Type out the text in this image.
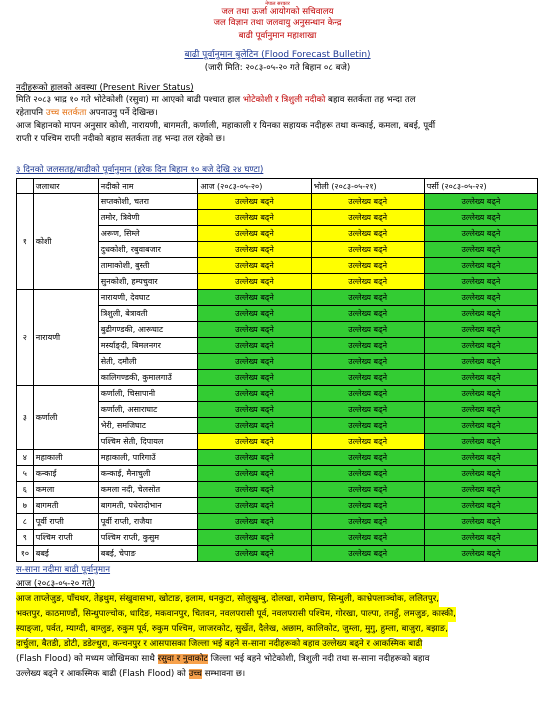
नेपाल सरकार
जल तथा ऊर्जा आयोगको सचिवालय
जल विज्ञान तथा जलवायु अनुसन्धान केन्द्र
बाढी पूर्वानुमान महाशाखा
बाढी पूर्वानुमान बुलेटिन (Flood Forecast Bulletin)
(जारी मिति: २०८३-०५-२० गते बिहान ०८ बजे)
नदीहरूको हालको अवस्था (Present River Status)
मिति २०८३ भाद्र १० गते भोटेकोशी (रसुवा) मा आएको बाढी पश्चात हाल भोटेकोशी र त्रिशुली नदीको बहाव सतर्कता तह भन्दा तल
रहेतापनि उच्च सतर्कता अपनाउनु पर्ने देखिन्छ।
आज बिहानको मापन अनुसार कोशी, नारायणी, बागमती, कर्णाली, महाकाली र यिनका सहायक नदीहरू तथा कन्काई, कमला, बबई, पूर्वी
राप्ती र पश्चिम राप्ती नदीको बहाव सतर्कता तह भन्दा तल रहेको छ।
३ दिनको जलसतह/बाढीको पूर्वानुमान (हरेक दिन बिहान १० बजे देखि २४ घण्टा)
	जलाधार	नदीको नाम	आज (२०८३-०५-२०)	भोली (२०८३-०५-२१)	पर्सी (२०८३-०५-२२)
१	कोशी	सप्तकोशी, चतरा	उल्लेख्य बढ्ने	उल्लेख्य बढ्ने	उल्लेख्य बढ्ने
		तमोर, त्रिवेणी	उल्लेख्य बढ्ने	उल्लेख्य बढ्ने	उल्लेख्य बढ्ने
		अरूण, सिम्ले	उल्लेख्य बढ्ने	उल्लेख्य बढ्ने	उल्लेख्य बढ्ने
		दुधकोशी, रबुवाबजार	उल्लेख्य बढ्ने	उल्लेख्य बढ्ने	उल्लेख्य बढ्ने
		तामाकोशी, बुस्ती	उल्लेख्य बढ्ने	उल्लेख्य बढ्ने	उल्लेख्य बढ्ने
		सुनकोशी, हम्पचुवार	उल्लेख्य बढ्ने	उल्लेख्य बढ्ने	उल्लेख्य बढ्ने
२	नारायणी	नारायणी, देवघाट	उल्लेख्य बढ्ने	उल्लेख्य बढ्ने	उल्लेख्य बढ्ने
		त्रिशुली, बेत्रावती	उल्लेख्य बढ्ने	उल्लेख्य बढ्ने	उल्लेख्य बढ्ने
		बुढीगण्डकी, आरूघाट	उल्लेख्य बढ्ने	उल्लेख्य बढ्ने	उल्लेख्य बढ्ने
		मर्स्याङ्दी, बिमलनगर	उल्लेख्य बढ्ने	उल्लेख्य बढ्ने	उल्लेख्य बढ्ने
		सेती, दमौली	उल्लेख्य बढ्ने	उल्लेख्य बढ्ने	उल्लेख्य बढ्ने
		कालिगण्डकी, कुमालगाउँ	उल्लेख्य बढ्ने	उल्लेख्य बढ्ने	उल्लेख्य बढ्ने
३	कर्णाली	कर्णाली, चिसापानी	उल्लेख्य बढ्ने	उल्लेख्य बढ्ने	उल्लेख्य बढ्ने
		कर्णाली, असाराघाट	उल्लेख्य बढ्ने	उल्लेख्य बढ्ने	उल्लेख्य बढ्ने
		भेरी, समजिघाट	उल्लेख्य बढ्ने	उल्लेख्य बढ्ने	उल्लेख्य बढ्ने
		पश्चिम सेती, दिपायल	उल्लेख्य बढ्ने	उल्लेख्य बढ्ने	उल्लेख्य बढ्ने
४	महाकाली	महाकाली, पारिगाउँ	उल्लेख्य बढ्ने	उल्लेख्य बढ्ने	उल्लेख्य बढ्ने
५	कन्काई	कन्काई, मैनाचुली	उल्लेख्य बढ्ने	उल्लेख्य बढ्ने	उल्लेख्य बढ्ने
६	कमला	कमला नदी, चेलसोत	उल्लेख्य बढ्ने	उल्लेख्य बढ्ने	उल्लेख्य बढ्ने
७	बागमती	बागमती, पधेरादोभान	उल्लेख्य बढ्ने	उल्लेख्य बढ्ने	उल्लेख्य बढ्ने
८	पूर्वी राप्ती	पूर्वी राप्ती, राजैया	उल्लेख्य बढ्ने	उल्लेख्य बढ्ने	उल्लेख्य बढ्ने
९	पश्चिम राप्ती	पश्चिम राप्ती, कुसुम	उल्लेख्य बढ्ने	उल्लेख्य बढ्ने	उल्लेख्य बढ्ने
१०	बबई	बबई, चेपाङ	उल्लेख्य बढ्ने	उल्लेख्य बढ्ने	उल्लेख्य बढ्ने
स-साना नदीमा बाढी पूर्वानुमान
आज (२०८३-०५-२० गते)
आज ताप्लेजुङ, पाँचथर, तेह्रथुम, संखुवासभा, खोटाङ, इलाम, धनकुटा, सोलुखुम्बु, दोलखा, रामेछाप, सिन्धुली, काभ्रेपलाञ्चोक, ललितपुर, भक्तपुर, काठमाण्डौं, सिन्धुपाल्चोक, धादिङ, मकवानपुर, चितवन, नवलपरासी पूर्व, नवलपरासी पश्चिम, गोरखा, पाल्पा, तनहुँ, लमजुङ, कास्की, स्याङ्जा, पर्वत, म्याग्दी, बाग्लुङ, रुकुम पूर्व, रुकुम पश्चिम, जाजरकोट, सुर्खेत, दैलेख, अछाम, कालिकोट, जुम्ला, मुगु, हुम्ला, बाजुरा, बझाङ,
दार्चुला, बैतडी, डोटी, डडेल्धुरा, कन्चनपुर र आसपासका जिल्ला भई बहने स-साना नदीहरूको बहाव उल्लेख्य बढ्ने र आकस्मिक बाढी
(Flash Flood) को मध्यम जोखिमका साथै रसुवा र नुवाकोट जिल्ला भई बहने भोटेकोशी, त्रिशुली नदी तथा स-साना नदीहरूको बहाव
उल्लेख्य बढ्ने र आकस्मिक बाढी (Flash Flood) को उच्च सम्भावना छ।
